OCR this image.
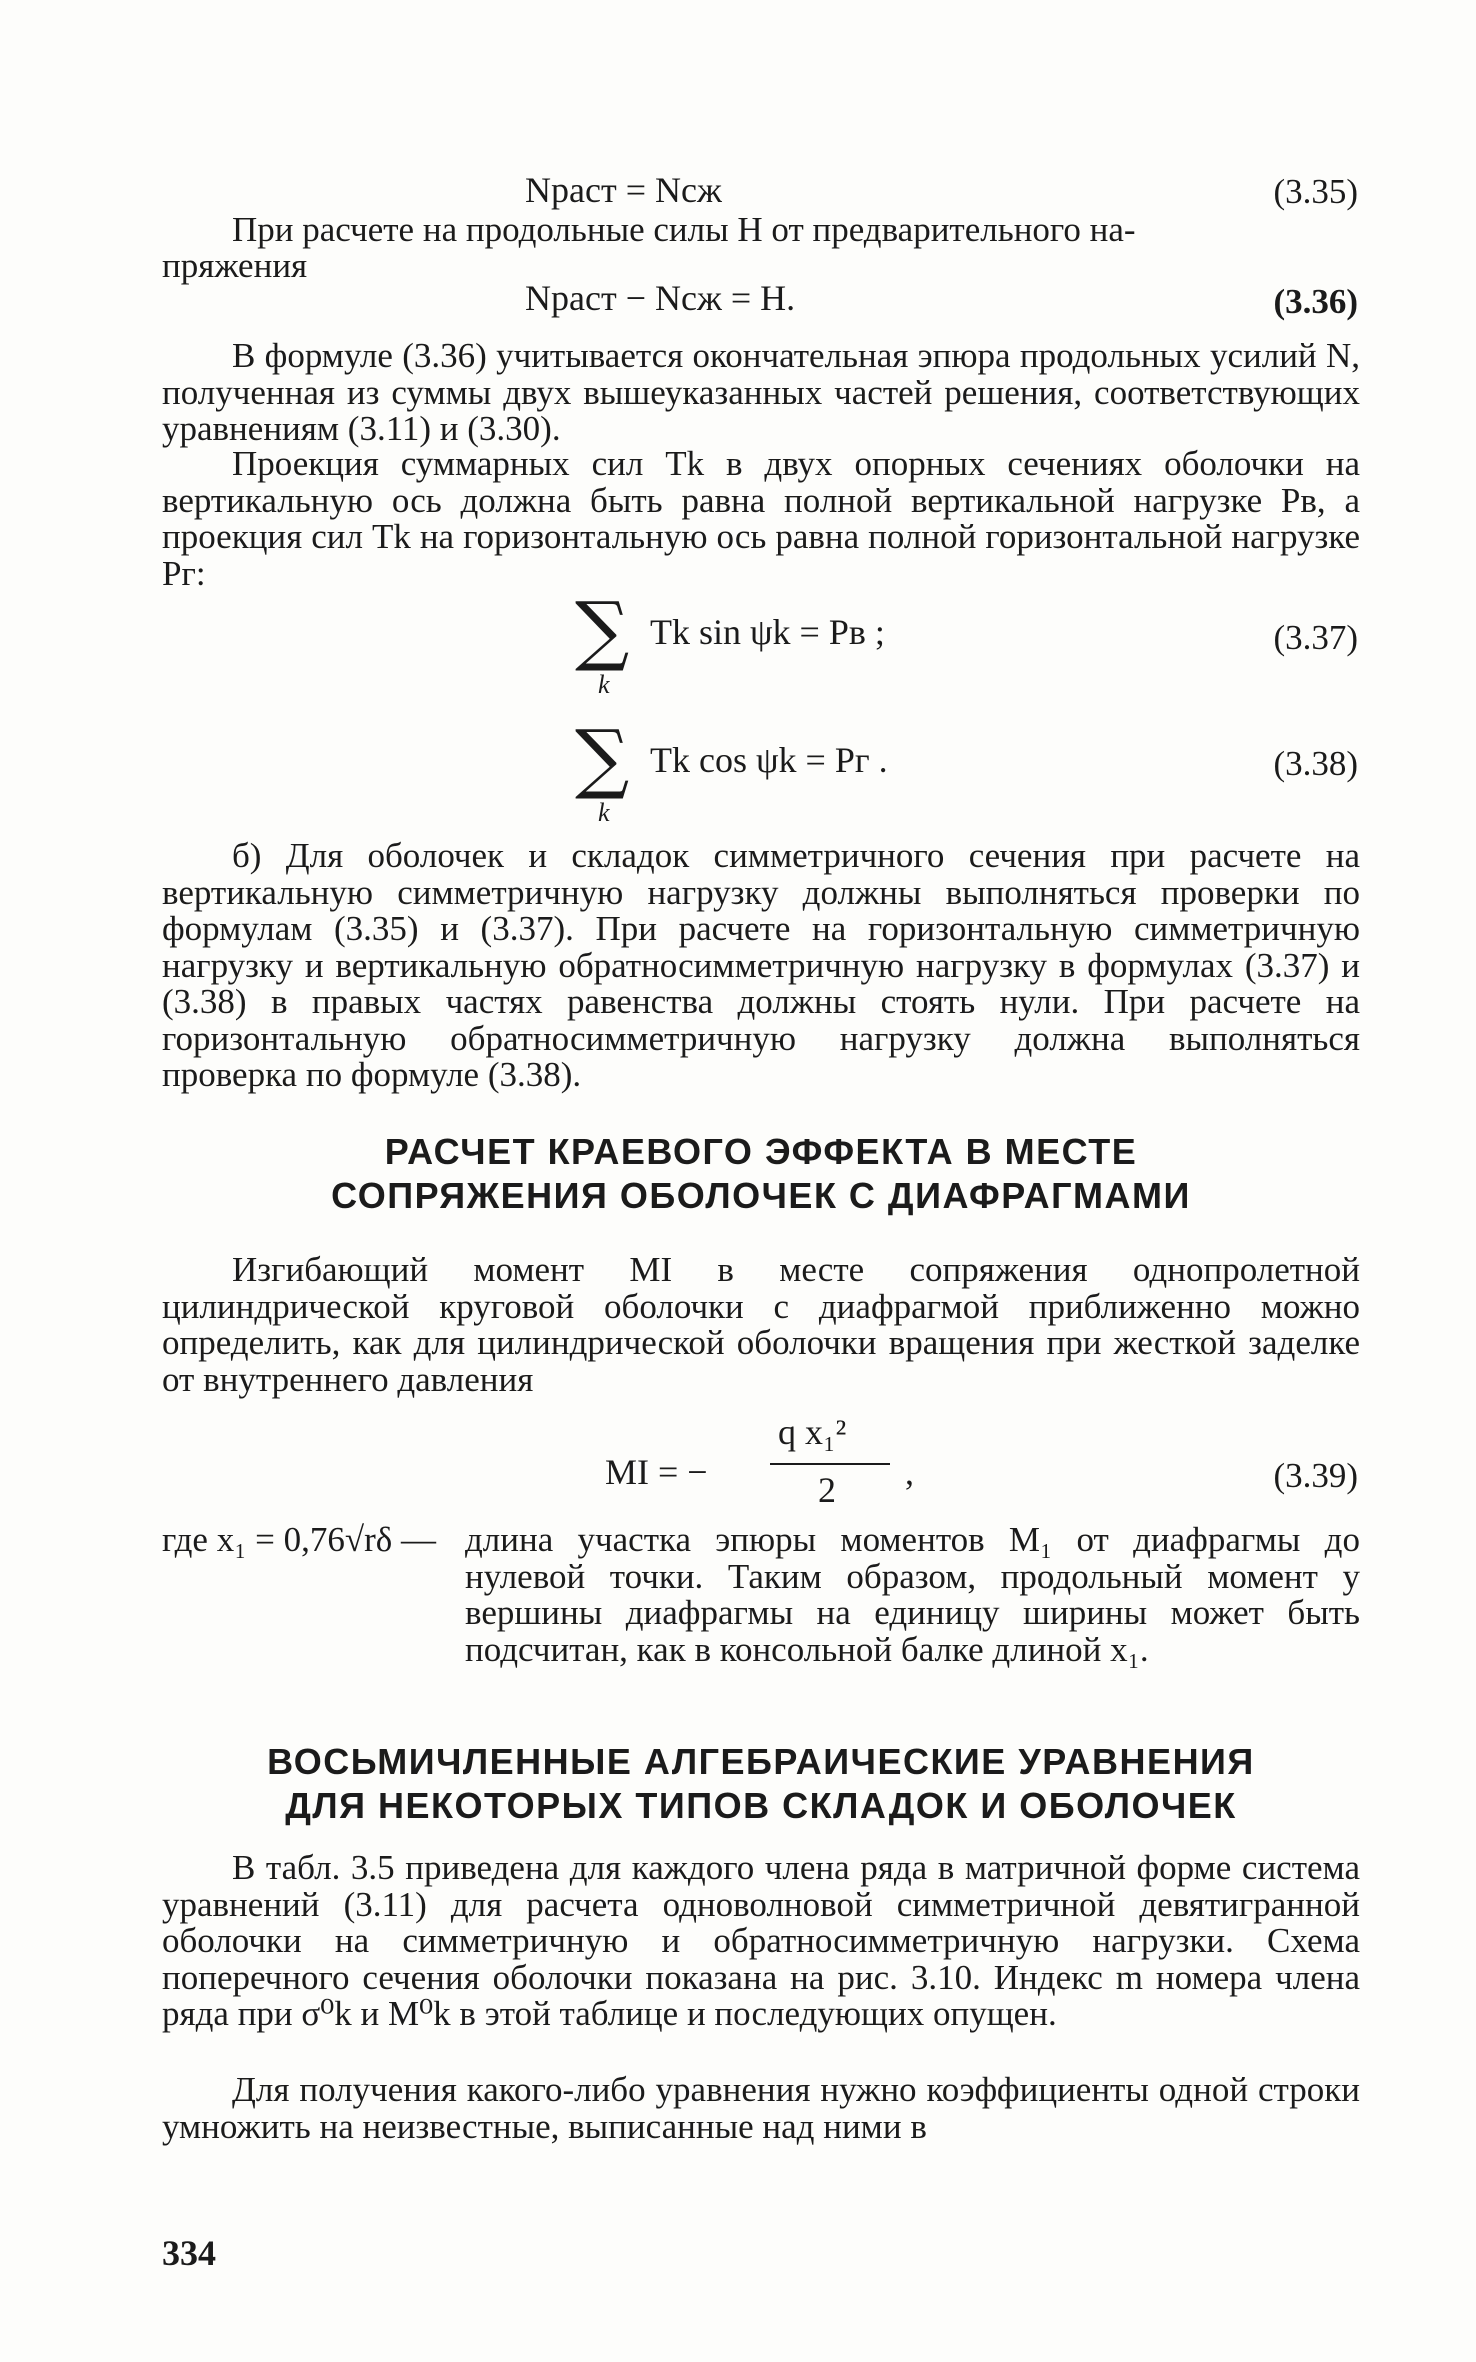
Nраст = Nсж	(3.35)
При расчете на продольные силы H от предварительного на-
пряжения
Nраст − Nсж = H.	(3.36)
В формуле (3.36) учитывается окончательная эпюра продольных усилий N, полученная из суммы двух вышеуказанных частей решения, соответствующих уравнениям (3.11) и (3.30).
Проекция суммарных сил Tk в двух опорных сечениях оболочки на вертикальную ось должна быть равна полной вертикальной нагрузке Pв, а проекция сил Tk на горизонтальную ось равна полной горизонтальной нагрузке Pг:
∑
k
Tk sin ψk = Pв ;	(3.37)
∑
k
Tk cos ψk = Pг .	(3.38)
б) Для оболочек и складок симметричного сечения при расчете на вертикальную симметричную нагрузку должны выполняться проверки по формулам (3.35) и (3.37). При расчете на горизонтальную симметричную нагрузку и вертикальную обратносимметричную нагрузку в формулах (3.37) и (3.38) в правых частях равенства должны стоять нули. При расчете на горизонтальную обратносимметричную нагрузку должна выполняться проверка по формуле (3.38).
РАСЧЕТ КРАЕВОГО ЭФФЕКТА В МЕСТЕ
СОПРЯЖЕНИЯ ОБОЛОЧЕК С ДИАФРАГМАМИ
Изгибающий момент MI в месте сопряжения однопролетной цилиндрической круговой оболочки с диафрагмой приближенно можно определить, как для цилиндрической оболочки вращения при жесткой заделке от внутреннего давления
MI = −
q x₁²
2 ,	(3.39)
где x₁ = 0,76√rδ — длина участка эпюры моментов M₁ от диафрагмы до нулевой точки. Таким образом, продольный момент у вершины диафрагмы на единицу ширины может быть подсчитан, как в консольной балке длиной x₁.
ВОСЬМИЧЛЕННЫЕ АЛГЕБРАИЧЕСКИЕ УРАВНЕНИЯ
ДЛЯ НЕКОТОРЫХ ТИПОВ СКЛАДОК И ОБОЛОЧЕК
В табл. 3.5 приведена для каждого члена ряда в матричной форме система уравнений (3.11) для расчета одноволновой симметричной девятигранной оболочки на симметричную и обратносимметричную нагрузки. Схема поперечного сечения оболочки показана на рис. 3.10. Индекс m номера члена ряда при σ⁰k и M⁰k в этой таблице и последующих опущен.
Для получения какого-либо уравнения нужно коэффициенты одной строки умножить на неизвестные, выписанные над ними в
334
